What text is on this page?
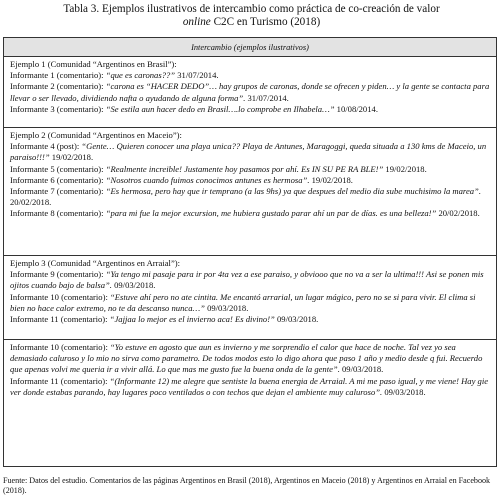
Tabla 3. Ejemplos ilustrativos de intercambio como práctica de co-creación de valor
online C2C en Turismo (2018)
Intercambio (ejemplos ilustrativos)
Ejemplo 1 (Comunidad “Argentinos en Brasil”):
Informante 1 (comentario): “que es caronas??” 31/07/2014.
Informante 2 (comentario): “carona es “HACER DEDO”… hay grupos de caronas, donde se ofrecen y piden… y la gente se contacta para llevar o ser llevado, dividiendo nafta o ayudando de alguna forma”. 31/07/2014.
Informante 3 (comentario): “Se estila aun hacer dedo en Brasil….lo comprobe en Ilhabela…” 10/08/2014.
Ejemplo 2 (Comunidad “Argentinos en Maceio”):
Informante 4 (post): “Gente… Quieren conocer una playa unica?? Playa de Antunes, Maragoggi, queda situada a 130 kms de Maceio, un paraiso!!!” 19/02/2018.
Informante 5 (comentario): “Realmente increible! Justamente hoy pasamos por ahí. Es IN SU PE RA BLE!” 19/02/2018.
Informante 6 (comentario): “Nosotros cuando fuimos conocimos antunes es hermosa”. 19/02/2018.
Informante 7 (comentario): “Es hermosa, pero hay que ir temprano (a las 9hs) ya que despues del medio dia sube muchisimo la marea”. 20/02/2018.
Informante 8 (comentario): “para mi fue la mejor excursion, me hubiera gustado parar ahí un par de días. es una belleza!” 20/02/2018.
Ejemplo 3 (Comunidad “Argentinos en Arraial”):
Informante 9 (comentario): “Ya tengo mi pasaje para ir por 4ta vez a ese paraiso, y obviooo que no va a ser la ultima!!! Asi se ponen mis ojitos cuando bajo de balsa”. 09/03/2018.
Informante 10 (comentario): “Estuve ahí pero no ate cintita. Me encantó arrarial, un lugar mágico, pero no se si para vivir. El clima si bien no hace calor extremo, no te da descanso nunca…” 09/03/2018.
Informante 11 (comentario): “Jajjaa lo mejor es el invierno aca! Es divino!” 09/03/2018.
Informante 10 (comentario): “Yo estuve en agosto que aun es invierno y me sorprendio el calor que hace de noche. Tal vez yo sea demasiado caluroso y lo mio no sirva como parametro. De todos modos esto lo digo ahora que paso 1 año y medio desde q fui. Recuerdo que apenas volvi me queria ir a vivir allá. Lo que mas me gusto fue la buena onda de la gente”. 09/03/2018.
Informante 11 (comentario): “(Informante 12) me alegre que sentiste la buena energia de Arraial. A mi me paso igual, y me viene! Hay gie ver donde estabas parando, hay lugares poco ventilados o con techos que dejan el ambiente muy caluroso”. 09/03/2018.
Fuente: Datos del estudio. Comentarios de las páginas Argentinos en Brasil (2018), Argentinos en Maceio (2018) y Argentinos en Arraial en Facebook (2018).
